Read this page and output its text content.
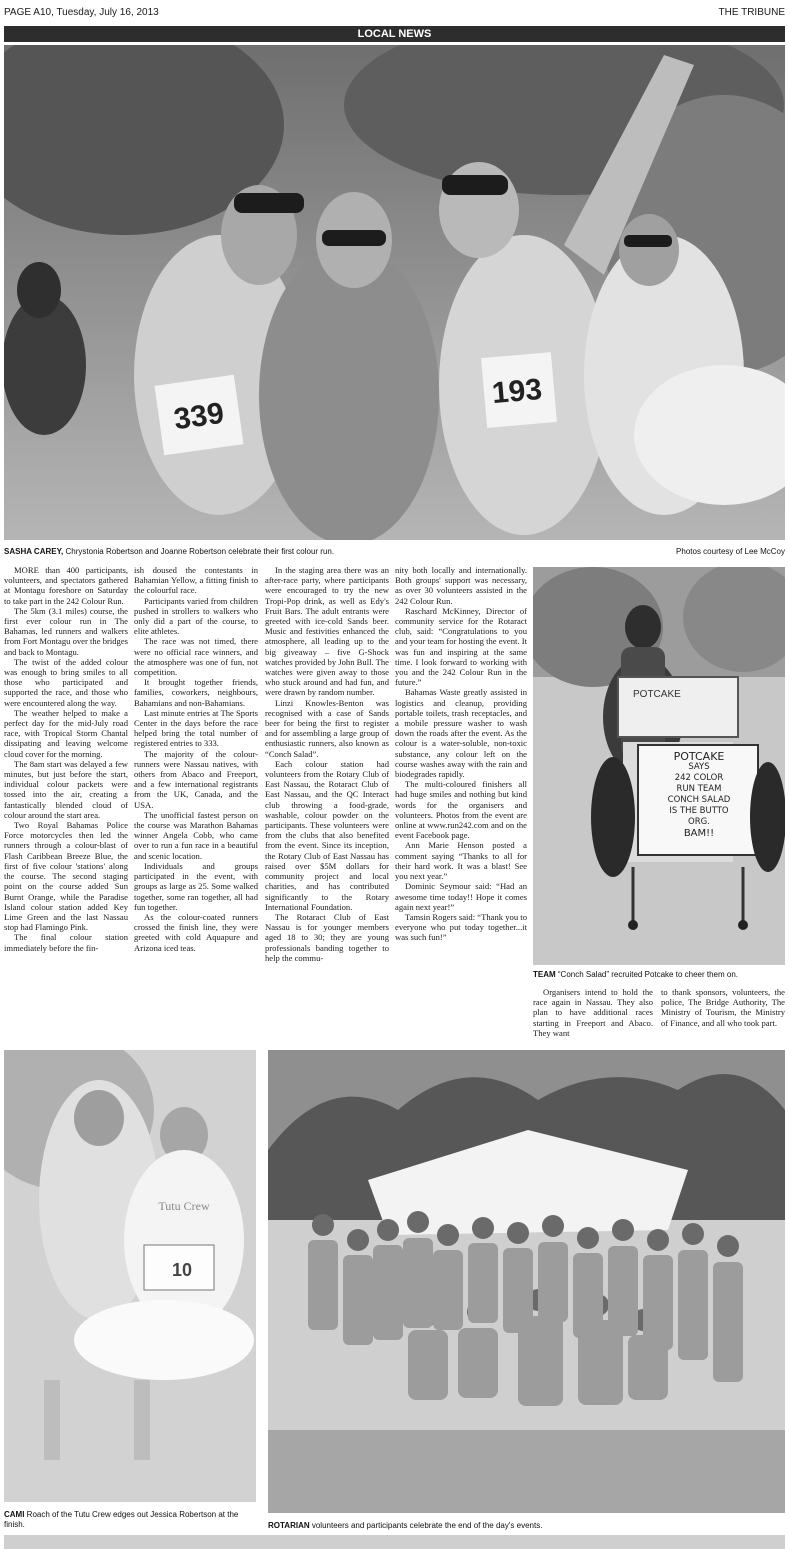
PAGE A10, Tuesday, July 16, 2013	THE TRIBUNE
LOCAL NEWS
339
193
SASHA CAREY, Chrystonia Robertson and Joanne Robertson celebrate their first colour run.	Photos courtesy of Lee McCoy

MORE than 400 participants, volunteers, and spectators gathered at Montagu foreshore on Saturday to take part in the 242 Colour Run.

The 5km (3.1 miles) course, the first ever colour run in The Bahamas, led runners and walkers from Fort Montagu over the bridges and back to Montagu.

The twist of the added colour was enough to bring smiles to all those who participated and supported the race, and those who were encountered along the way.

The weather helped to make a perfect day for the mid-July road race, with Tropical Storm Chantal dissipating and leaving welcome cloud cover for the morning.

The 8am start was delayed a few minutes, but just before the start, individual colour packets were tossed into the air, creating a fantastically blended cloud of colour around the start area.

Two Royal Bahamas Police Force motorcycles then led the runners through a colour-blast of Flash Caribbean Breeze Blue, the first of five colour 'stations' along the course. The second staging point on the course added Sun Burnt Orange, while the Paradise Island colour station added Key Lime Green and the last Nassau stop had Flamingo Pink.

The final colour station immediately before the fin-

ish doused the contestants in Bahamian Yellow, a fitting finish to the colourful race.

Participants varied from children pushed in strollers to walkers who only did a part of the course, to elite athletes.

The race was not timed, there were no official race winners, and the atmosphere was one of fun, not competition.

It brought together friends, families, coworkers, neighbours, Bahamians and non-Bahamians.

Last minute entries at The Sports Center in the days before the race helped bring the total number of registered entries to 333.

The majority of the colour-runners were Nassau natives, with others from Abaco and Freeport, and a few international registrants from the UK, Canada, and the USA.

The unofficial fastest person on the course was Marathon Bahamas winner Angela Cobb, who came over to run a fun race in a beautiful and scenic location.

Individuals and groups participated in the event, with groups as large as 25. Some walked together, some ran together, all had fun together.

As the colour-coated runners crossed the finish line, they were greeted with cold Aquapure and Arizona iced teas.

In the staging area there was an after-race party, where participants were encouraged to try the new Tropi-Pop drink, as well as Edy's Fruit Bars. The adult entrants were greeted with ice-cold Sands beer. Music and festivities enhanced the atmosphere, all leading up to the big giveaway – five G-Shock watches provided by John Bull. The watches were given away to those who stuck around and had fun, and were drawn by random number.

Linzi Knowles-Benton was recognised with a case of Sands beer for being the first to register and for assembling a large group of enthusiastic runners, also known as “Conch Salad”.

Each colour station had volunteers from the Rotary Club of East Nassau, the Rotaract Club of East Nassau, and the QC Interact club throwing a food-grade, washable, colour powder on the participants. These volunteers were from the clubs that also benefited from the event. Since its inception, the Rotary Club of East Nassau has raised over $5M dollars for community project and local charities, and has contributed significantly to the Rotary International Foundation.

The Rotaract Club of East Nassau is for younger members aged 18 to 30; they are young professionals banding together to help the commu-

nity both locally and internationally. Both groups' support was necessary, as over 30 volunteers assisted in the 242 Colour Run.

Raschard McKinney, Director of community service for the Rotaract club, said: “Congratulations to you and your team for hosting the event. It was fun and inspiring at the same time. I look forward to working with you and the 242 Colour Run in the future.”

Bahamas Waste greatly assisted in logistics and cleanup, providing portable toilets, trash receptacles, and a mobile pressure washer to wash down the roads after the event. As the colour is a water-soluble, non-toxic substance, any colour left on the course washes away with the rain and biodegrades rapidly.

The multi-coloured finishers all had huge smiles and nothing but kind words for the organisers and volunteers. Photos from the event are online at www.run242.com and on the event Facebook page.

Ann Marie Henson posted a comment saying “Thanks to all for their hard work. It was a blast! See you next year.”

Dominic Seymour said: “Had an awesome time today!! Hope it comes again next year!”

Tamsin Rogers said: “Thank you to everyone who put today together...it was such fun!”

POTCAKE
POTCAKE
SAYS
242 COLOR
RUN TEAM
CONCH SALAD
IS THE BUTTO
ORG.
BAM!!
TEAM “Conch Salad” recruited Potcake to cheer them on.

Organisers intend to hold the race again in Nassau. They also plan to have additional races starting in Freeport and Abaco. They want

to thank sponsors, volunteers, the police, The Bridge Authority, The Ministry of Tourism, the Ministry of Finance, and all who took part.

Tutu Crew
10
CAMI Roach of the Tutu Crew edges out Jessica Robertson at the finish.	ROTARIAN volunteers and participants celebrate the end of the day's events.
